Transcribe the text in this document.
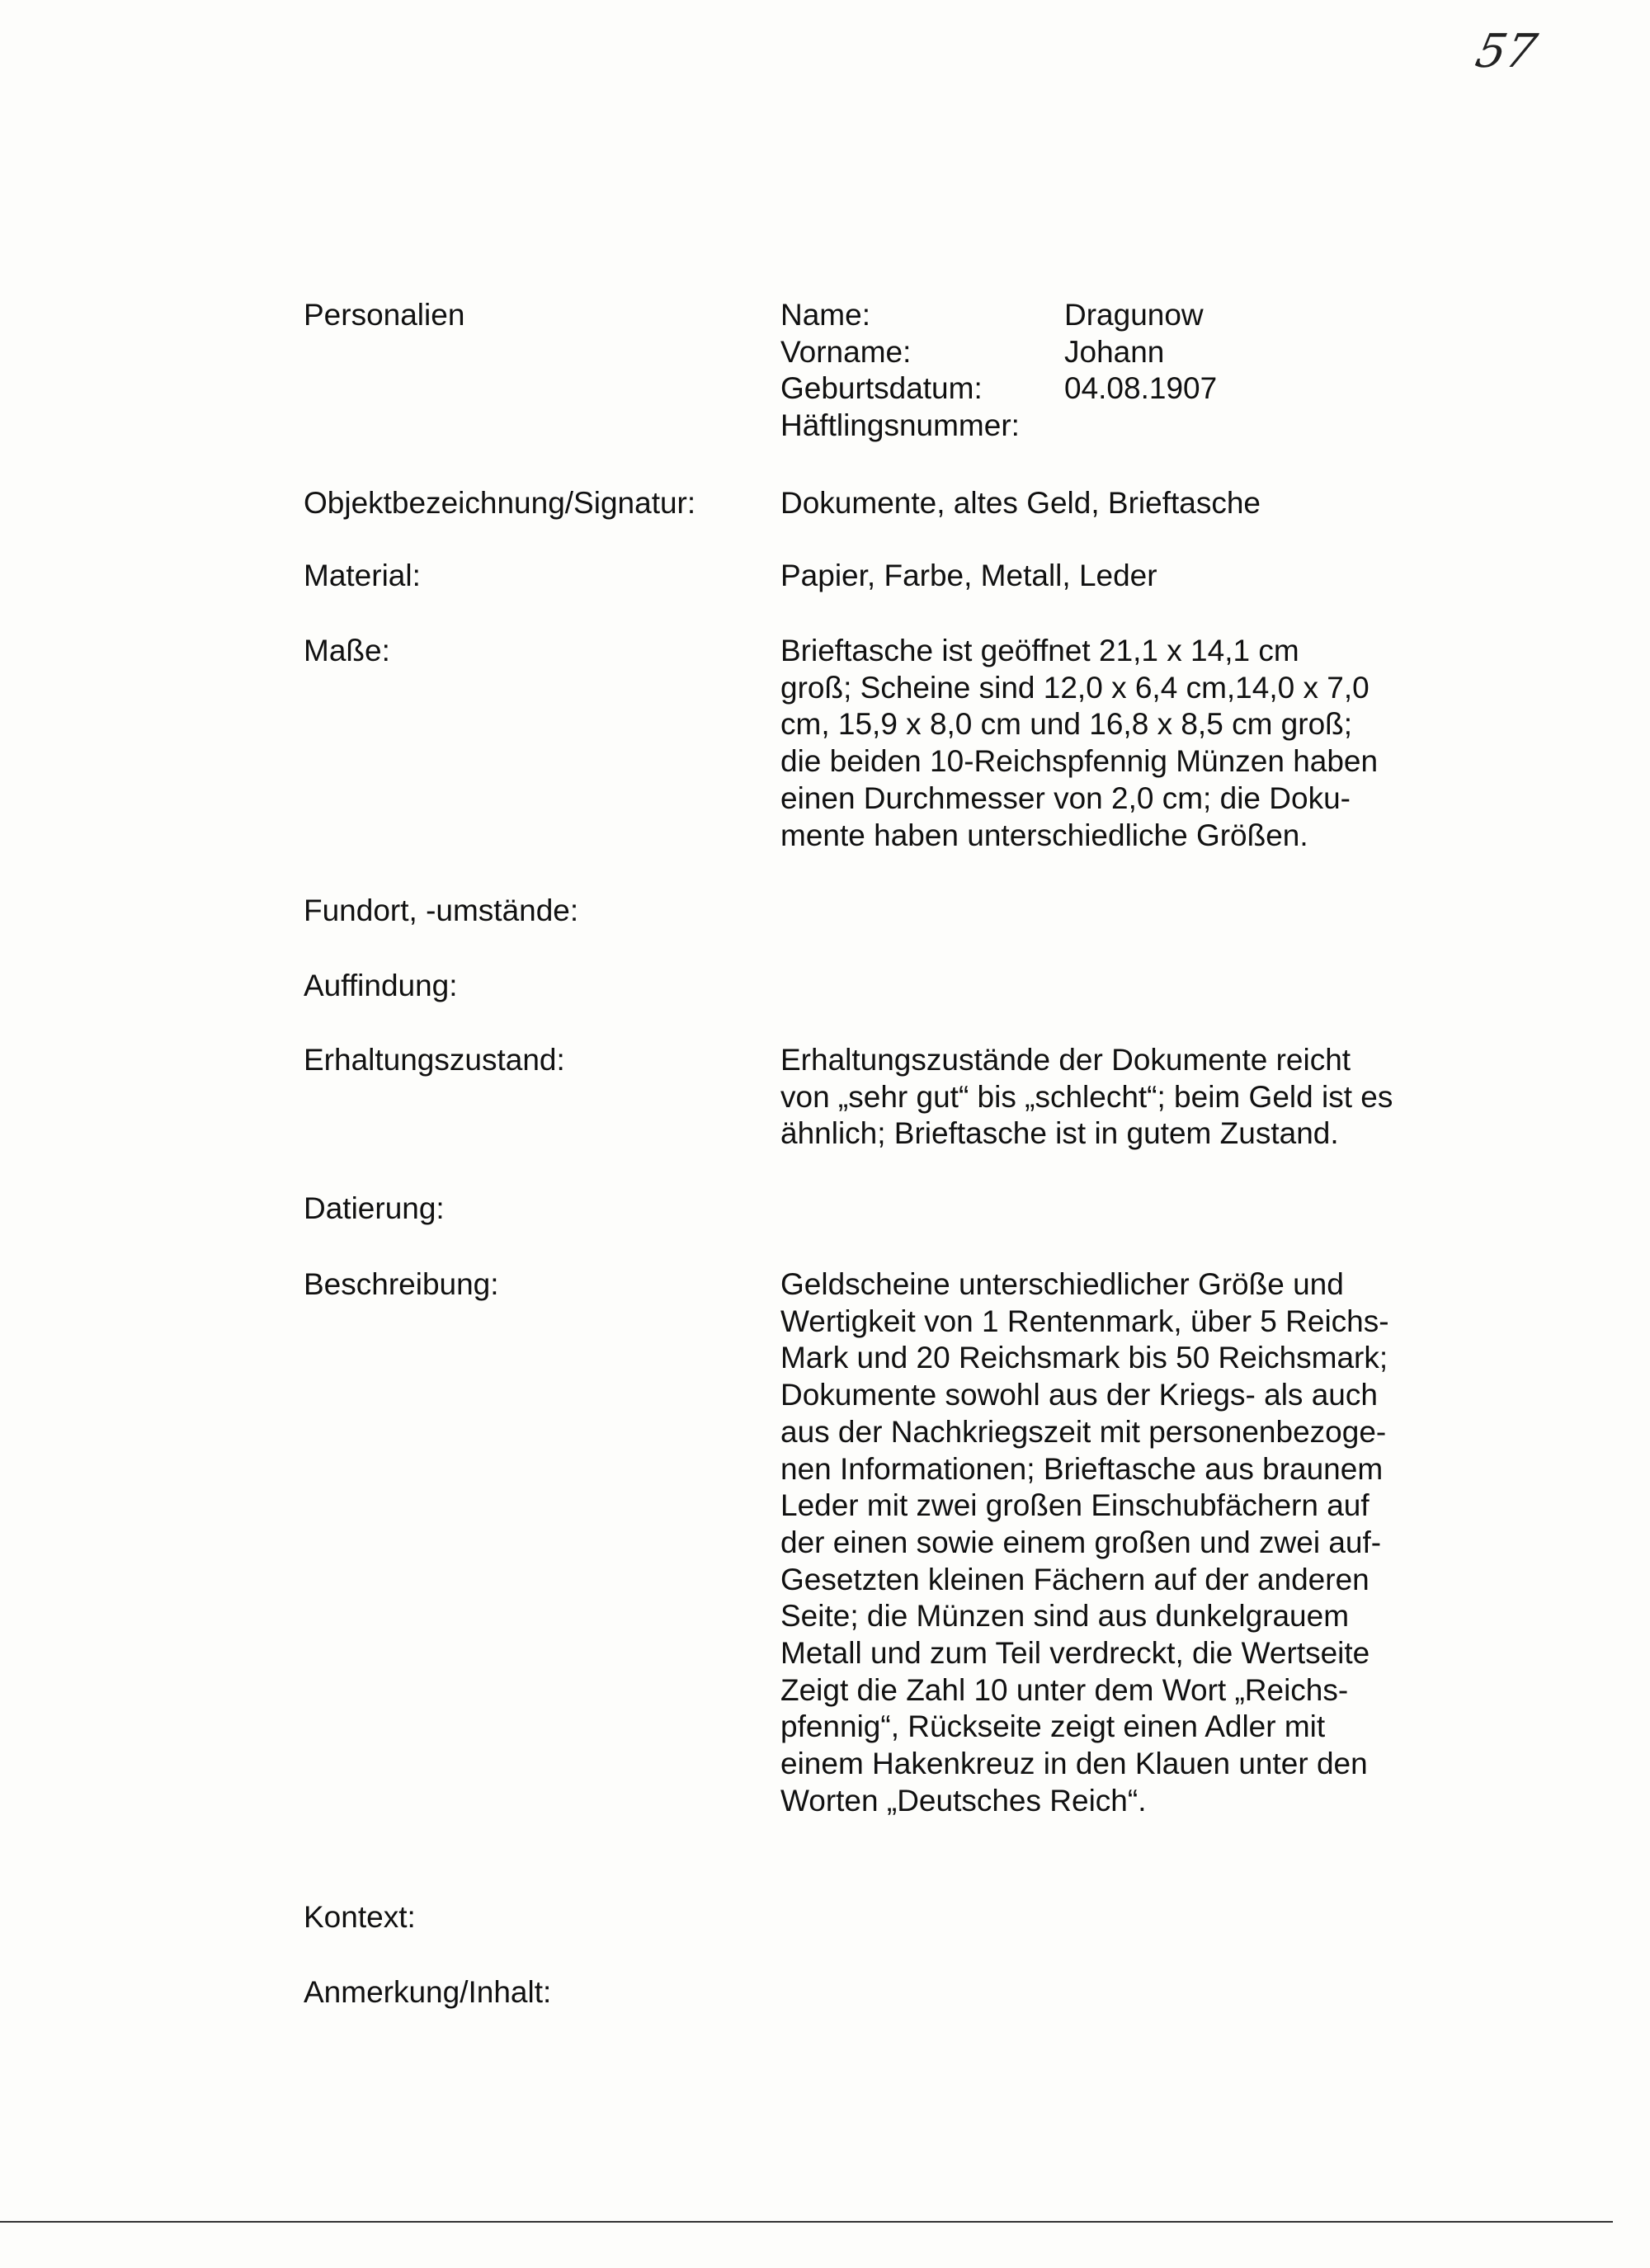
57
Personalien	Name:	Dragunow
Vorname:	Johann
Geburtsdatum:	04.08.1907
Häftlingsnummer:
Objektbezeichnung/Signatur:	Dokumente, altes Geld, Brieftasche
Material:	Papier, Farbe, Metall, Leder
Maße:	Brieftasche ist geöffnet 21,1 x 14,1 cm
groß; Scheine sind 12,0 x 6,4 cm,14,0 x 7,0
cm, 15,9 x 8,0 cm und 16,8 x 8,5 cm groß;
die beiden 10-Reichspfennig Münzen haben
einen Durchmesser von 2,0 cm; die Doku-
mente haben unterschiedliche Größen.
Fundort, -umstände:
Auffindung:
Erhaltungszustand:	Erhaltungszustände der Dokumente reicht
von „sehr gut“ bis „schlecht“; beim Geld ist es
ähnlich; Brieftasche ist in gutem Zustand.
Datierung:
Beschreibung:	Geldscheine unterschiedlicher Größe und
Wertigkeit von 1 Rentenmark, über 5 Reichs-
Mark und 20 Reichsmark bis 50 Reichsmark;
Dokumente sowohl aus der Kriegs- als auch
aus der Nachkriegszeit mit personenbezoge-
nen Informationen; Brieftasche aus braunem
Leder mit zwei großen Einschubfächern auf
der einen sowie einem großen und zwei auf-
Gesetzten kleinen Fächern auf der anderen
Seite; die Münzen sind aus dunkelgrauem
Metall und zum Teil verdreckt, die Wertseite
Zeigt die Zahl 10 unter dem Wort „Reichs-
pfennig“, Rückseite zeigt einen Adler mit
einem Hakenkreuz in den Klauen unter den
Worten „Deutsches Reich“.
Kontext:
Anmerkung/Inhalt:
